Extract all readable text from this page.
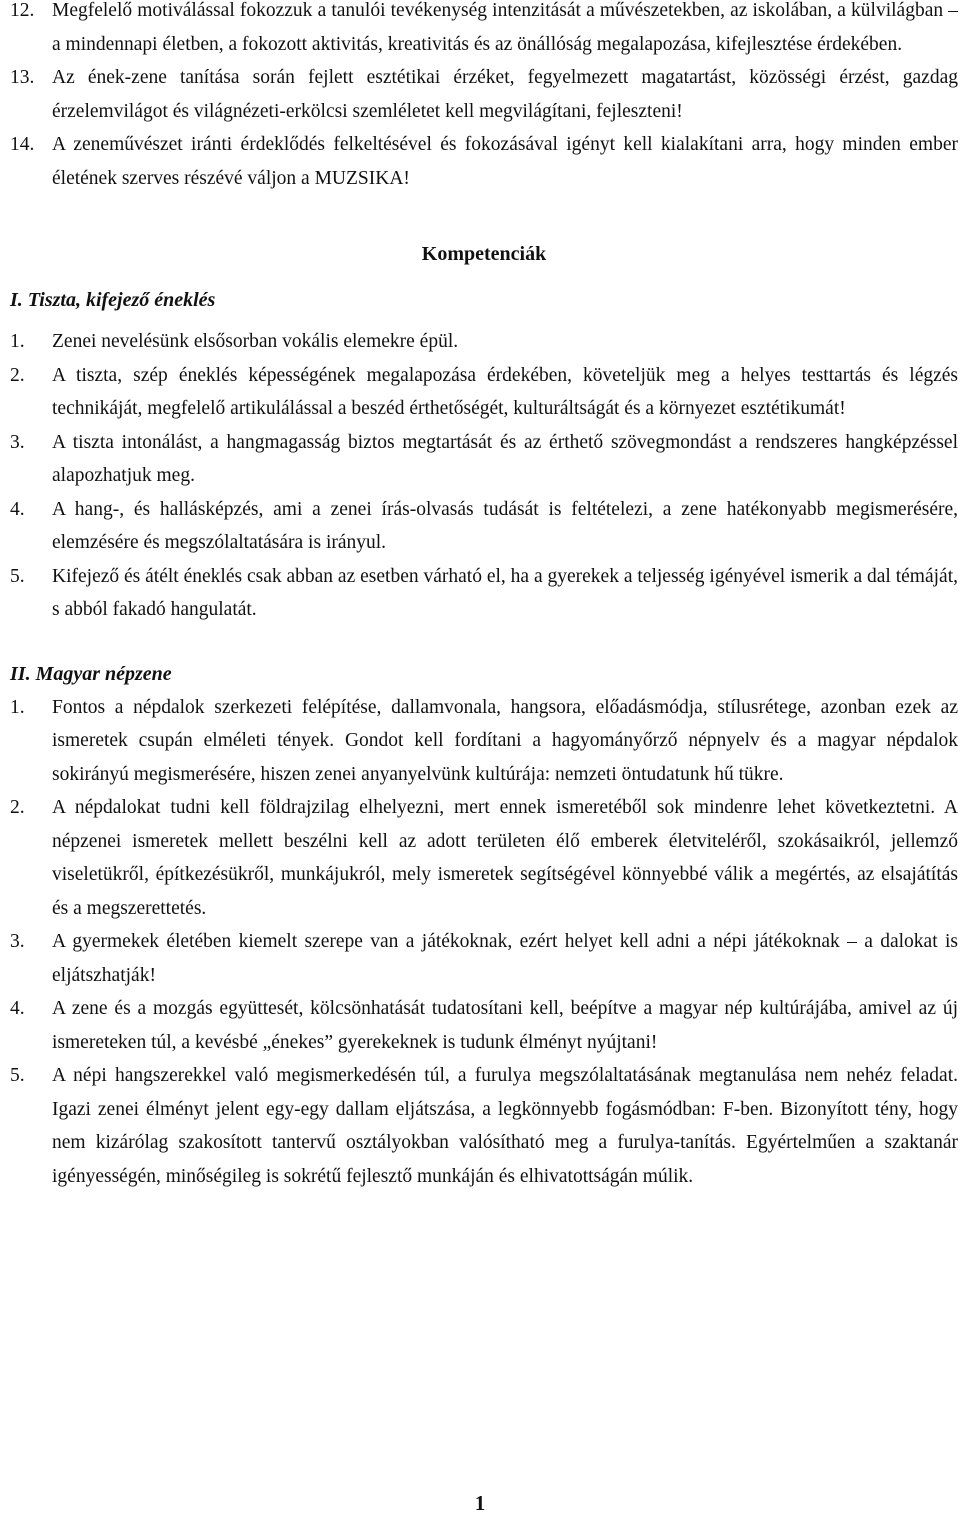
12. Megfelelő motiválással fokozzuk a tanulói tevékenység intenzitását a művészetekben, az iskolában, a külvilágban – a mindennapi életben, a fokozott aktivitás, kreativitás és az önállóság megalapozása, kifejlesztése érdekében.
13. Az ének-zene tanítása során fejlett esztétikai érzéket, fegyelmezett magatartást, közösségi érzést, gazdag érzelemvilágot és világnézeti-erkölcsi szemléletet kell megvilágítani, fejleszteni!
14. A zeneművészet iránti érdeklődés felkeltésével és fokozásával igényt kell kialakítani arra, hogy minden ember életének szerves részévé váljon a MUZSIKA!
Kompetenciák
I. Tiszta, kifejező éneklés
1.	Zenei nevelésünk elsősorban vokális elemekre épül.
2.	A tiszta, szép éneklés képességének megalapozása érdekében, követeljük meg a helyes testtartás és légzés technikáját, megfelelő artikulálással a beszéd érthetőségét, kulturáltságát és a környezet esztétikumát!
3.	A tiszta intonálást, a hangmagasság biztos megtartását és az érthető szövegmondást a rendszeres hangképzéssel alapozhatjuk meg.
4.	A hang-, és hallásképzés, ami a zenei írás-olvasás tudását is feltételezi, a zene hatékonyabb megismerésére, elemzésére és megszólaltatására is irányul.
5.	Kifejező és átélt éneklés csak abban az esetben várható el, ha a gyerekek a teljesség igényével ismerik a dal témáját, s abból fakadó hangulatát.
II. Magyar népzene
1.	Fontos a népdalok szerkezeti felépítése, dallamvonala, hangsora, előadásmódja, stílusrétege, azonban ezek az ismeretek csupán elméleti tények. Gondot kell fordítani a hagyományőrző népnyelv és a magyar népdalok sokirányú megismerésére, hiszen zenei anyanyelvünk kultúrája: nemzeti öntudatunk hű tükre.
2.	A népdalokat tudni kell földrajzilag elhelyezni, mert ennek ismeretéből sok mindenre lehet következtetni. A népzenei ismeretek mellett beszélni kell az adott területen élő emberek életviteléről, szokásaikról, jellemző viseletükről, építkezésükről, munkájukról, mely ismeretek segítségével könnyebbé válik a megértés, az elsajátítás és a megszerettetés.
3.	A gyermekek életében kiemelt szerepe van a játékoknak, ezért helyet kell adni a népi játékoknak – a dalokat is eljátszhatják!
4.	A zene és a mozgás együttesét, kölcsönhatását tudatosítani kell, beépítve a magyar nép kultúrájába, amivel az új ismereteken túl, a kevésbé „énekes” gyerekeknek is tudunk élményt nyújtani!
5.	A népi hangszerekkel való megismerkedésén túl, a furulya megszólaltatásának megtanulása nem nehéz feladat. Igazi zenei élményt jelent egy-egy dallam eljátszása, a legkönnyebb fogásmódban: F-ben. Bizonyított tény, hogy nem kizárólag szakosított tantervű osztályokban valósítható meg a furulya-tanítás. Egyértelműen a szaktanár igényességén, minőségileg is sokrétű fejlesztő munkáján és elhivatottságán múlik.
1
